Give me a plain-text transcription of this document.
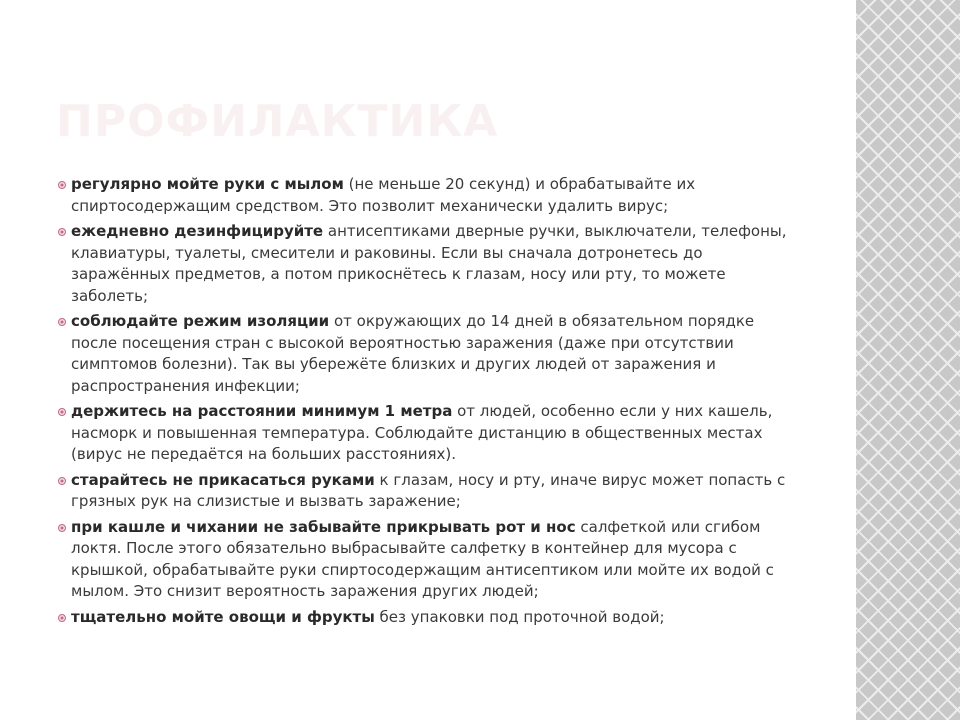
ПРОФИЛАКТИКА
регулярно мойте руки с мылом (не меньше 20 секунд) и обрабатывайте их спиртосодержащим средством. Это позволит механически удалить вирус;
ежедневно дезинфицируйте антисептиками дверные ручки, выключатели, телефоны, клавиатуры, туалеты, смесители и раковины. Если вы сначала дотронетесь до заражённых предметов, а потом прикоснётесь к глазам, носу или рту, то можете заболеть;
соблюдайте режим изоляции от окружающих до 14 дней в обязательном порядке после посещения стран с высокой вероятностью заражения (даже при отсутствии симптомов болезни). Так вы убережёте близких и других людей от заражения и распространения инфекции;
держитесь на расстоянии минимум 1 метра от людей, особенно если у них кашель, насморк и повышенная температура. Соблюдайте дистанцию в общественных местах (вирус не передаётся на больших расстояниях).
старайтесь не прикасаться руками к глазам, носу и рту, иначе вирус может попасть с грязных рук на слизистые и вызвать заражение;
при кашле и чихании не забывайте прикрывать рот и нос салфеткой или сгибом локтя. После этого обязательно выбрасывайте салфетку в контейнер для мусора с крышкой, обрабатывайте руки спиртосодержащим антисептиком или мойте их водой с мылом. Это снизит вероятность заражения других людей;
тщательно мойте овощи и фрукты без упаковки под проточной водой;
